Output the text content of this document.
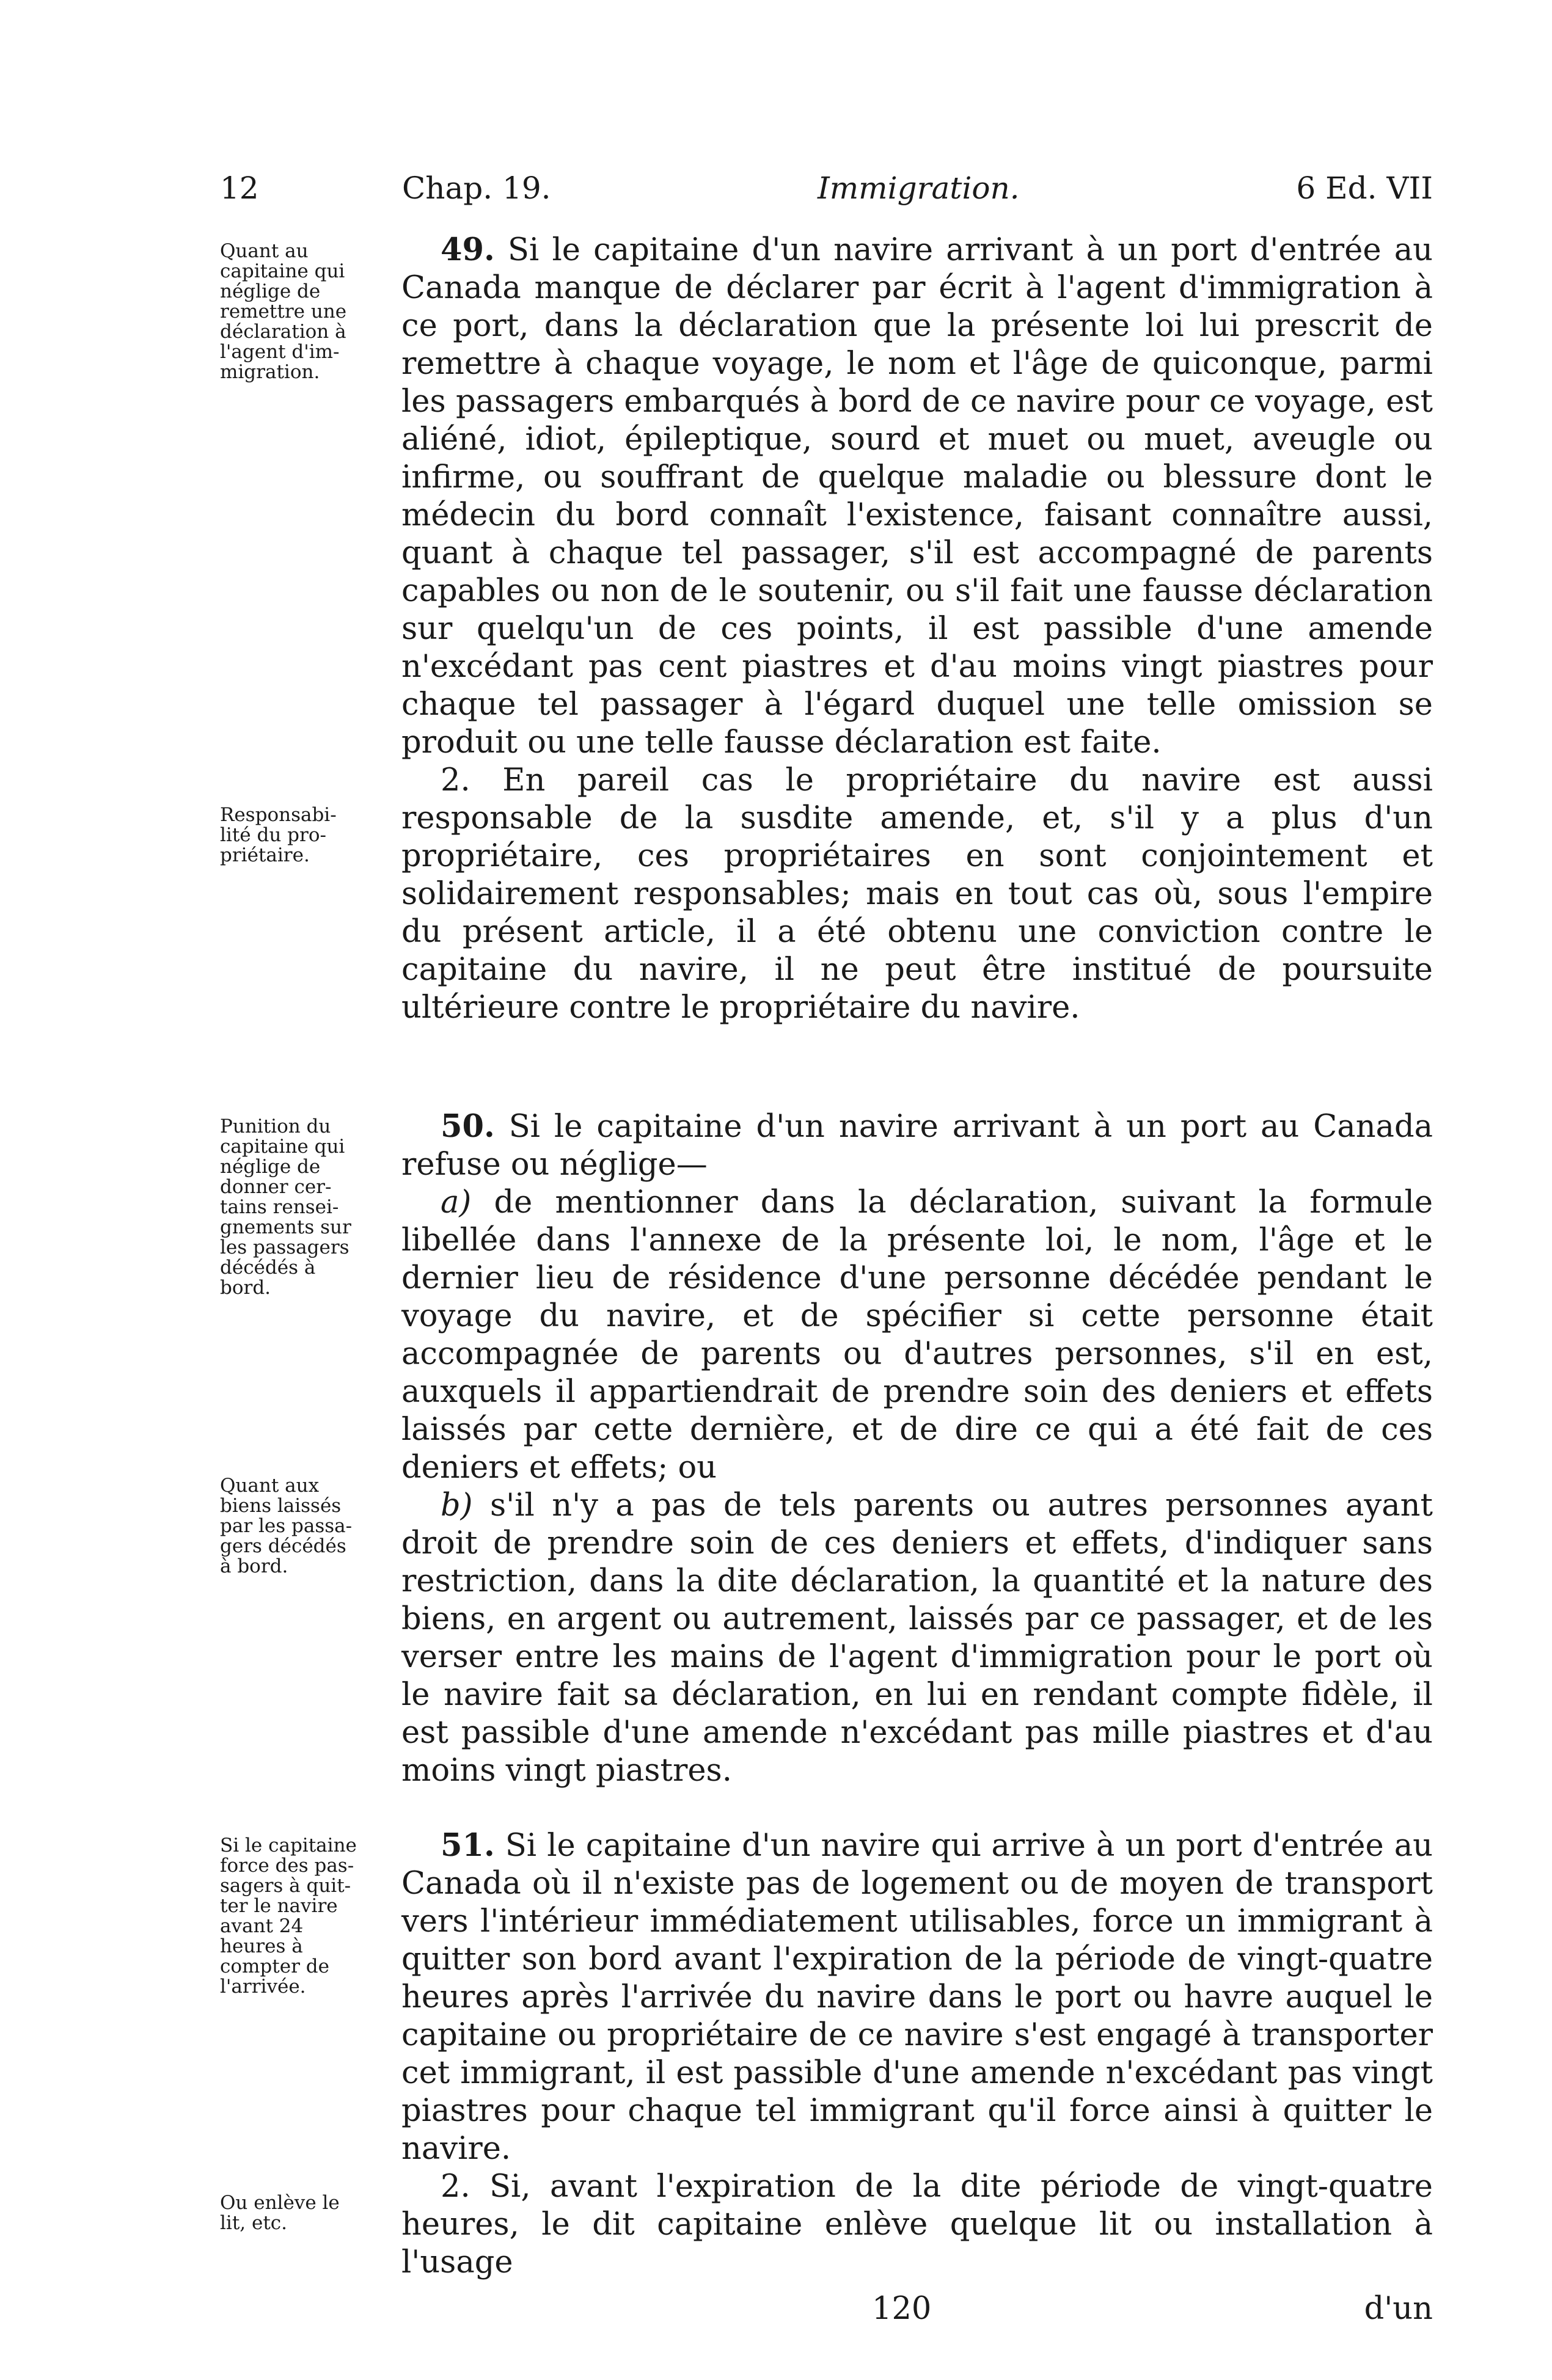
12	Chap. 19.	Immigration.	6 Ed. VII
Quant au
capitaine qui
néglige de
remettre une
déclaration à
l'agent d'im-
migration.
Responsabi-
lité du pro-
priétaire.
Punition du
capitaine qui
néglige de
donner cer-
tains rensei-
gnements sur
les passagers
décédés à
bord.
Quant aux
biens laissés
par les passa-
gers décédés
à bord.
Si le capitaine
force des pas-
sagers à quit-
ter le navire
avant 24
heures à
compter de
l'arrivée.
Ou enlève le
lit, etc.

49. Si le capitaine d'un navire arrivant à un port d'entrée au Canada manque de déclarer par écrit à l'agent d'immigration à ce port, dans la déclaration que la présente loi lui prescrit de remettre à chaque voyage, le nom et l'âge de quiconque, parmi les passagers embarqués à bord de ce navire pour ce voyage, est aliéné, idiot, épileptique, sourd et muet ou muet, aveugle ou infirme, ou souffrant de quelque maladie ou blessure dont le médecin du bord connaît l'existence, faisant connaître aussi, quant à chaque tel passager, s'il est accompagné de parents capables ou non de le soutenir, ou s'il fait une fausse déclaration sur quelqu'un de ces points, il est passible d'une amende n'excédant pas cent piastres et d'au moins vingt piastres pour chaque tel passager à l'égard duquel une telle omission se produit ou une telle fausse déclaration est faite.

2. En pareil cas le propriétaire du navire est aussi responsable de la susdite amende, et, s'il y a plus d'un propriétaire, ces propriétaires en sont conjointement et solidairement responsables; mais en tout cas où, sous l'empire du présent article, il a été obtenu une conviction contre le capitaine du navire, il ne peut être institué de poursuite ultérieure contre le propriétaire du navire.

50. Si le capitaine d'un navire arrivant à un port au Canada refuse ou néglige—

a) de mentionner dans la déclaration, suivant la formule libellée dans l'annexe de la présente loi, le nom, l'âge et le dernier lieu de résidence d'une personne décédée pendant le voyage du navire, et de spécifier si cette personne était accompagnée de parents ou d'autres personnes, s'il en est, auxquels il appartiendrait de prendre soin des deniers et effets laissés par cette dernière, et de dire ce qui a été fait de ces deniers et effets; ou

b) s'il n'y a pas de tels parents ou autres personnes ayant droit de prendre soin de ces deniers et effets, d'indiquer sans restriction, dans la dite déclaration, la quantité et la nature des biens, en argent ou autrement, laissés par ce passager, et de les verser entre les mains de l'agent d'immigration pour le port où le navire fait sa déclaration, en lui en rendant compte fidèle, il est passible d'une amende n'excédant pas mille piastres et d'au moins vingt piastres.

51. Si le capitaine d'un navire qui arrive à un port d'entrée au Canada où il n'existe pas de logement ou de moyen de transport vers l'intérieur immédiatement utilisables, force un immigrant à quitter son bord avant l'expiration de la période de vingt-quatre heures après l'arrivée du navire dans le port ou havre auquel le capitaine ou propriétaire de ce navire s'est engagé à transporter cet immigrant, il est passible d'une amende n'excédant pas vingt piastres pour chaque tel immigrant qu'il force ainsi à quitter le navire.

2. Si, avant l'expiration de la dite période de vingt-quatre heures, le dit capitaine enlève quelque lit ou installation à l'usage

120	d'un
